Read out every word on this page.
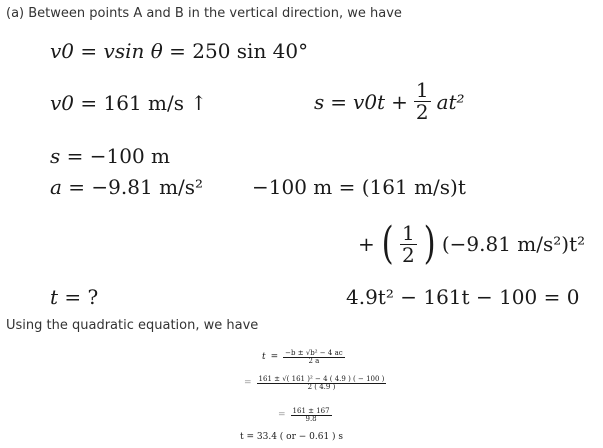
(a) Between points A and B in the vertical direction, we have
v0 = vsin θ = 250 sin 40°
v0 = 161 m/s ↑	$s = v0t + \frac{1}{2} at^2$
s = −100 m
a = −9.81 m/s² −100 m = (161 m/s)t
+ ( $\frac{1}{2}$ ) (−9.81 m/s²)t²
t = ?	4.9t² − 161t − 100 = 0
Using the quadratic equation, we have
$t = \frac{\text{−b ± √b² − 4 ac}}{2 a}$
= $\frac{\text{161 ± √( 161 )² − 4 ( 4.9 ) ( − 100 )}}{2 ( 4.9 )}$
= $\frac{161 \pm 167}{9.8}$
t = 33.4 ( or − 0.61 ) s
